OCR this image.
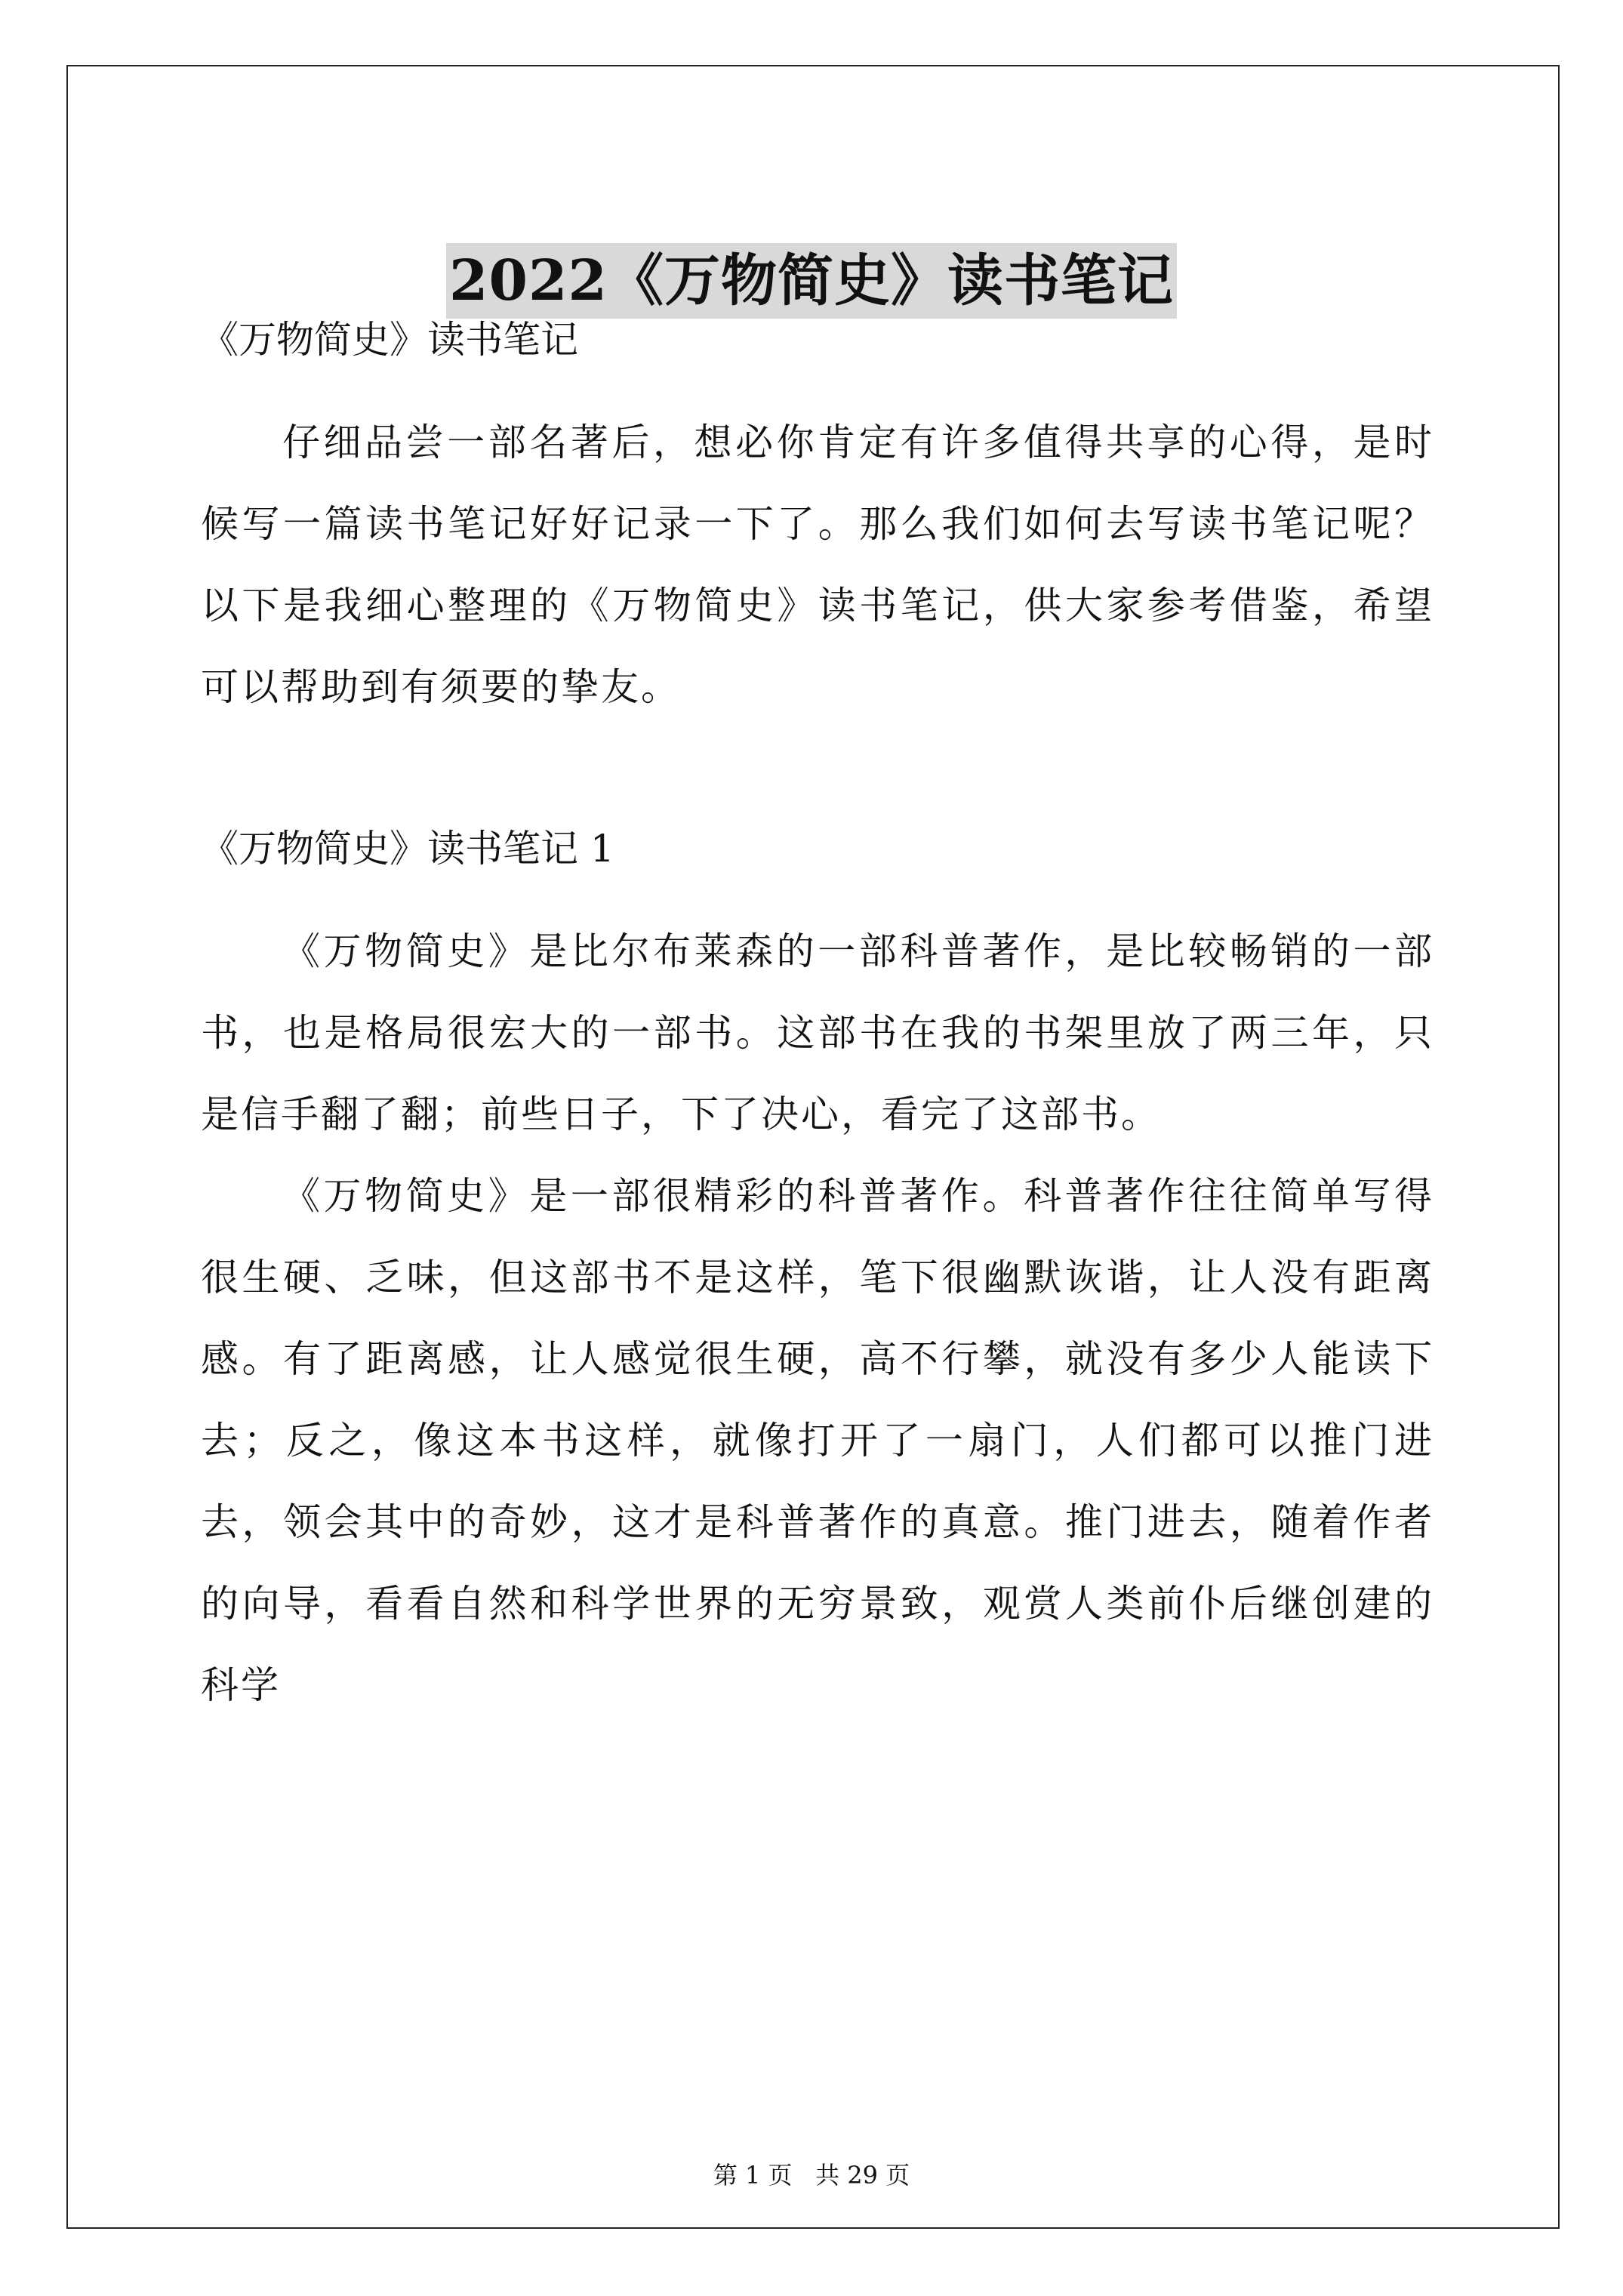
2022《万物简史》读书笔记

《万物简史》读书笔记

仔细品尝一部名著后，想必你肯定有许多值得共享的心得，是时候写一篇读书笔记好好记录一下了。那么我们如何去写读书笔记呢？以下是我细心整理的《万物简史》读书笔记，供大家参考借鉴，希望可以帮助到有须要的挚友。

《万物简史》读书笔记 1

《万物简史》是比尔布莱森的一部科普著作，是比较畅销的一部书，也是格局很宏大的一部书。这部书在我的书架里放了两三年，只是信手翻了翻；前些日子，下了决心，看完了这部书。

《万物简史》是一部很精彩的科普著作。科普著作往往简单写得很生硬、乏味，但这部书不是这样，笔下很幽默诙谐，让人没有距离感。有了距离感，让人感觉很生硬，高不行攀，就没有多少人能读下去；反之，像这本书这样，就像打开了一扇门，人们都可以推门进去，领会其中的奇妙，这才是科普著作的真意。推门进去，随着作者的向导，看看自然和科学世界的无穷景致，观赏人类前仆后继创建的科学

第 1 页   共 29 页
